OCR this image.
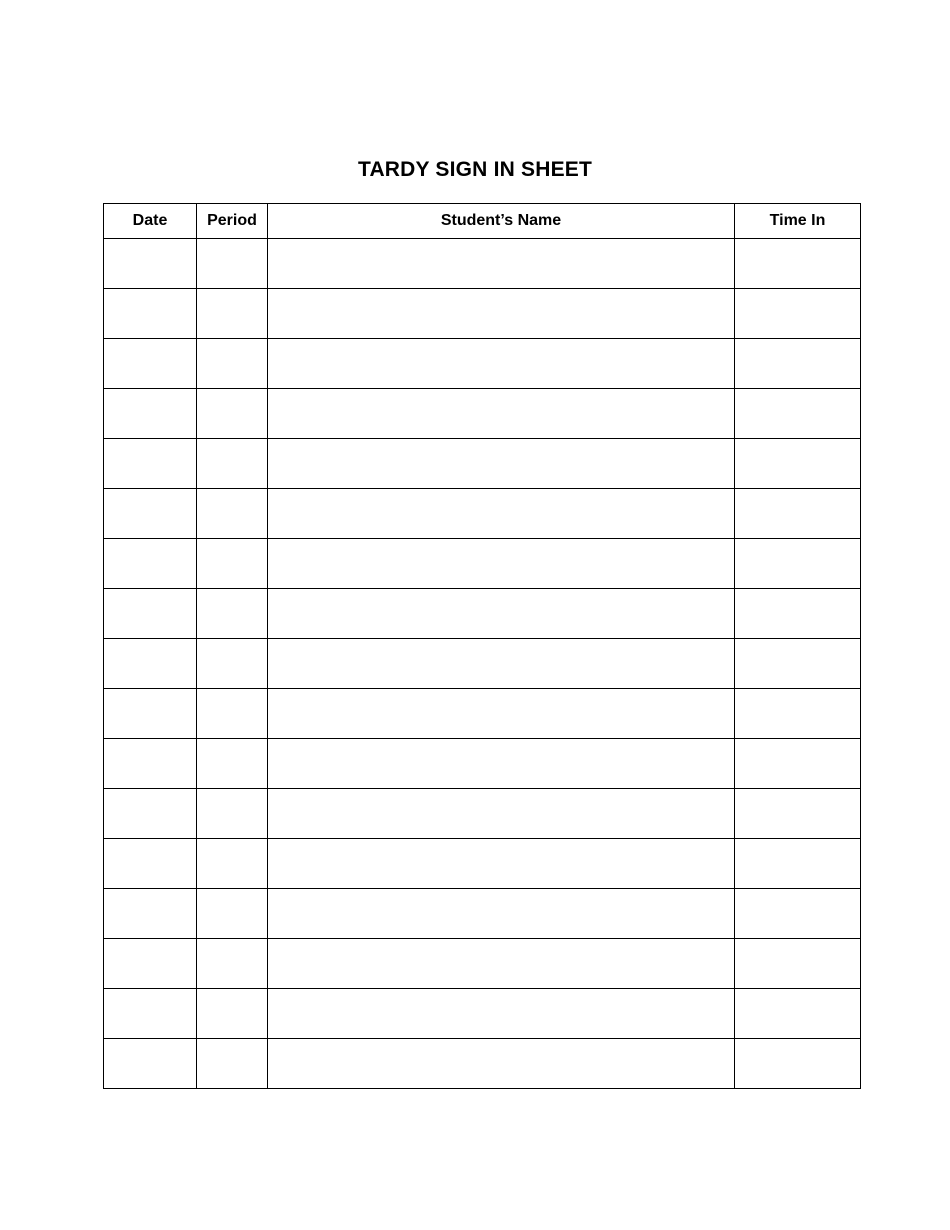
TARDY SIGN IN SHEET
Date	Period	Student’s Name	Time In
